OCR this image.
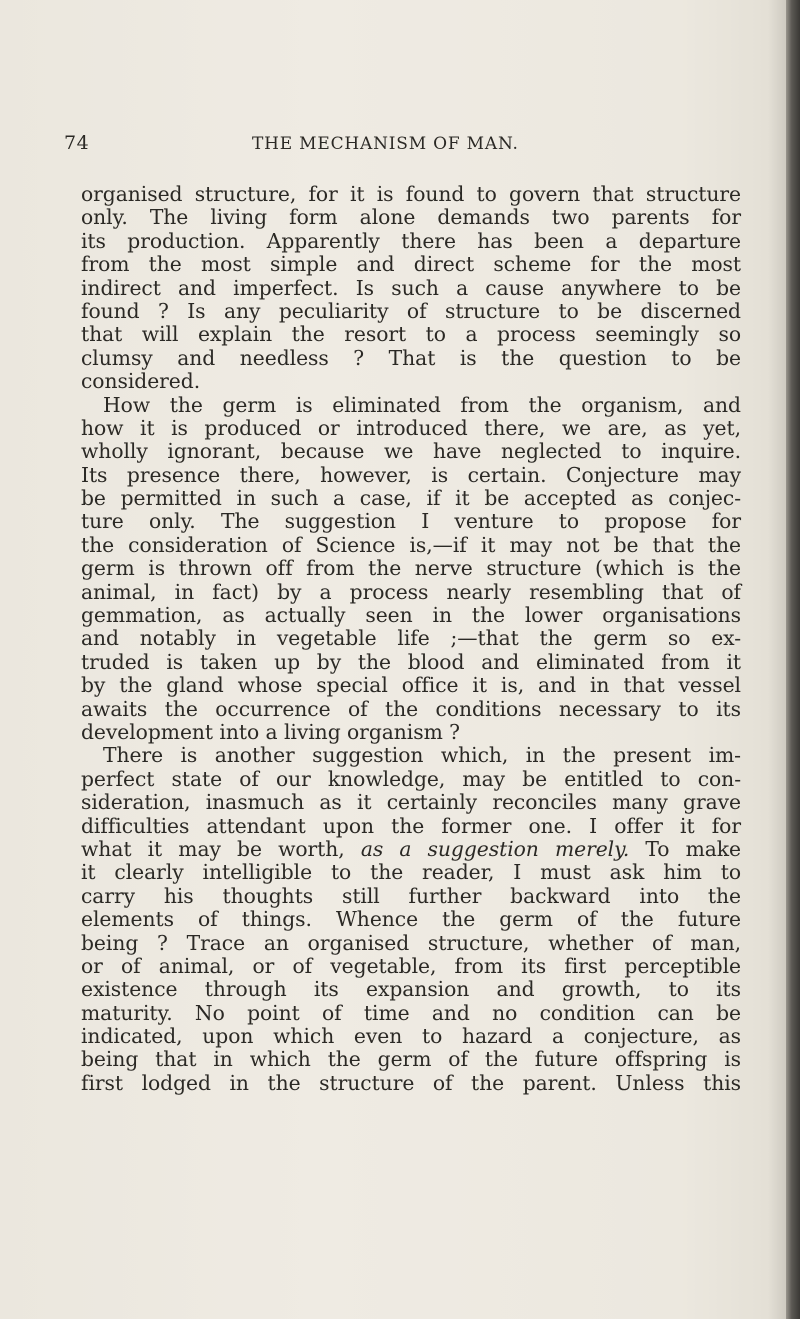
74	THE MECHANISM OF MAN.
organised structure, for it is found to govern that structure
only. The living form alone demands two parents for
its production. Apparently there has been a departure
from the most simple and direct scheme for the most
indirect and imperfect. Is such a cause anywhere to be
found ? Is any peculiarity of structure to be discerned
that will explain the resort to a process seemingly so
clumsy and needless ? That is the question to be
considered.
How the germ is eliminated from the organism, and
how it is produced or introduced there, we are, as yet,
wholly ignorant, because we have neglected to inquire.
Its presence there, however, is certain. Conjecture may
be permitted in such a case, if it be accepted as conjec-
ture only. The suggestion I venture to propose for
the consideration of Science is,—if it may not be that the
germ is thrown off from the nerve structure (which is the
animal, in fact) by a process nearly resembling that of
gemmation, as actually seen in the lower organisations
and notably in vegetable life ;—that the germ so ex-
truded is taken up by the blood and eliminated from it
by the gland whose special office it is, and in that vessel
awaits the occurrence of the conditions necessary to its
development into a living organism ?
There is another suggestion which, in the present im-
perfect state of our knowledge, may be entitled to con-
sideration, inasmuch as it certainly reconciles many grave
difficulties attendant upon the former one. I offer it for
what it may be worth, as a suggestion merely. To make
it clearly intelligible to the reader, I must ask him to
carry his thoughts still further backward into the
elements of things. Whence the germ of the future
being ? Trace an organised structure, whether of man,
or of animal, or of vegetable, from its first perceptible
existence through its expansion and growth, to its
maturity. No point of time and no condition can be
indicated, upon which even to hazard a conjecture, as
being that in which the germ of the future offspring is
first lodged in the structure of the parent. Unless this
